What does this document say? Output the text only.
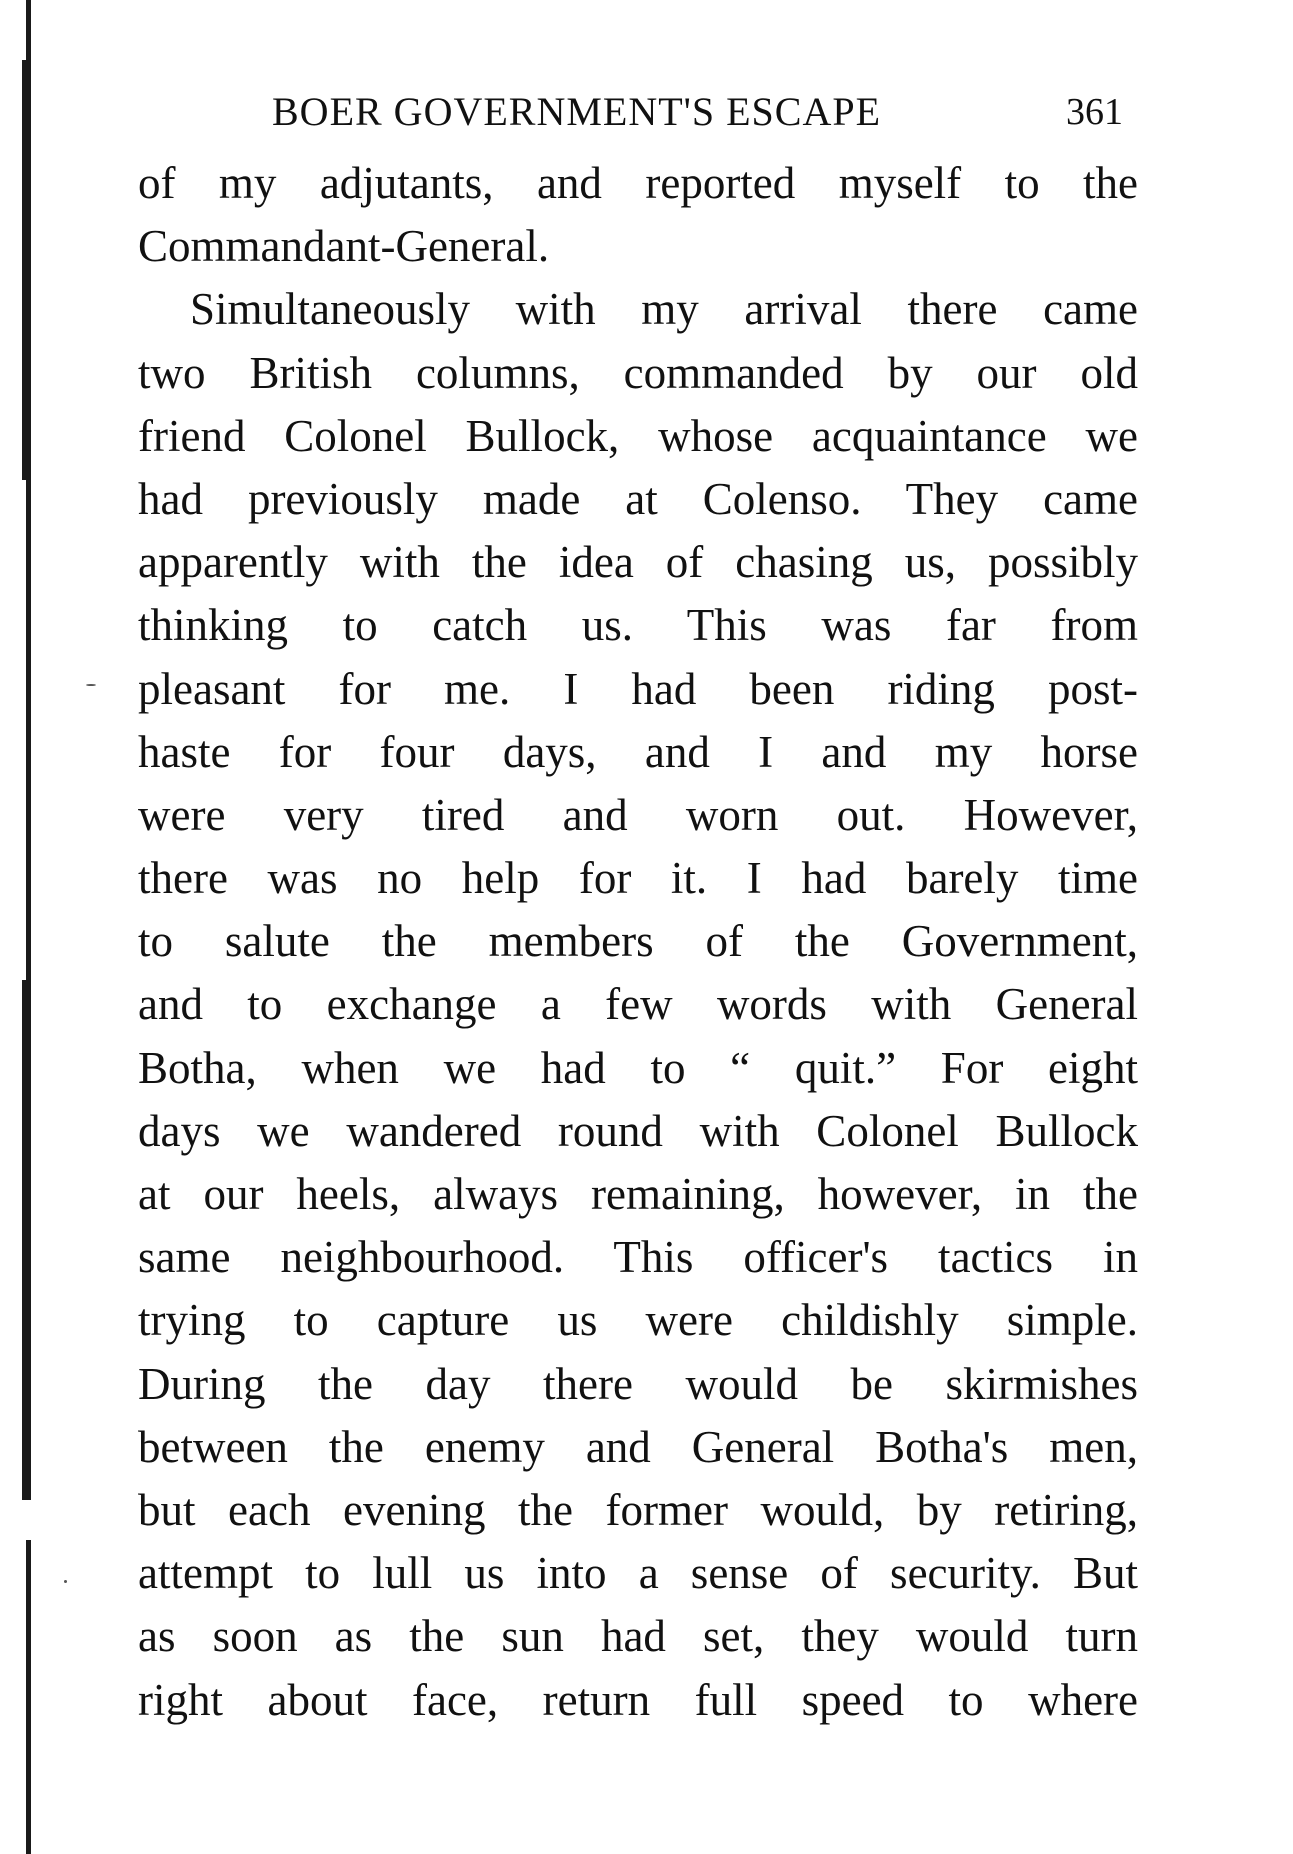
BOER GOVERNMENT'S ESCAPE	361
of my adjutants, and reported myself to the
Commandant-General.
Simultaneously with my arrival there came
two British columns, commanded by our old
friend Colonel Bullock, whose acquaintance we
had previously made at Colenso. They came
apparently with the idea of chasing us, possibly
thinking to catch us. This was far from
pleasant for me. I had been riding post-
haste for four days, and I and my horse
were very tired and worn out. However,
there was no help for it. I had barely time
to salute the members of the Government,
and to exchange a few words with General
Botha, when we had to “ quit.” For eight
days we wandered round with Colonel Bullock
at our heels, always remaining, however, in the
same neighbourhood. This officer's tactics in
trying to capture us were childishly simple.
During the day there would be skirmishes
between the enemy and General Botha's men,
but each evening the former would, by retiring,
attempt to lull us into a sense of security. But
as soon as the sun had set, they would turn
right about face, return full speed to where
